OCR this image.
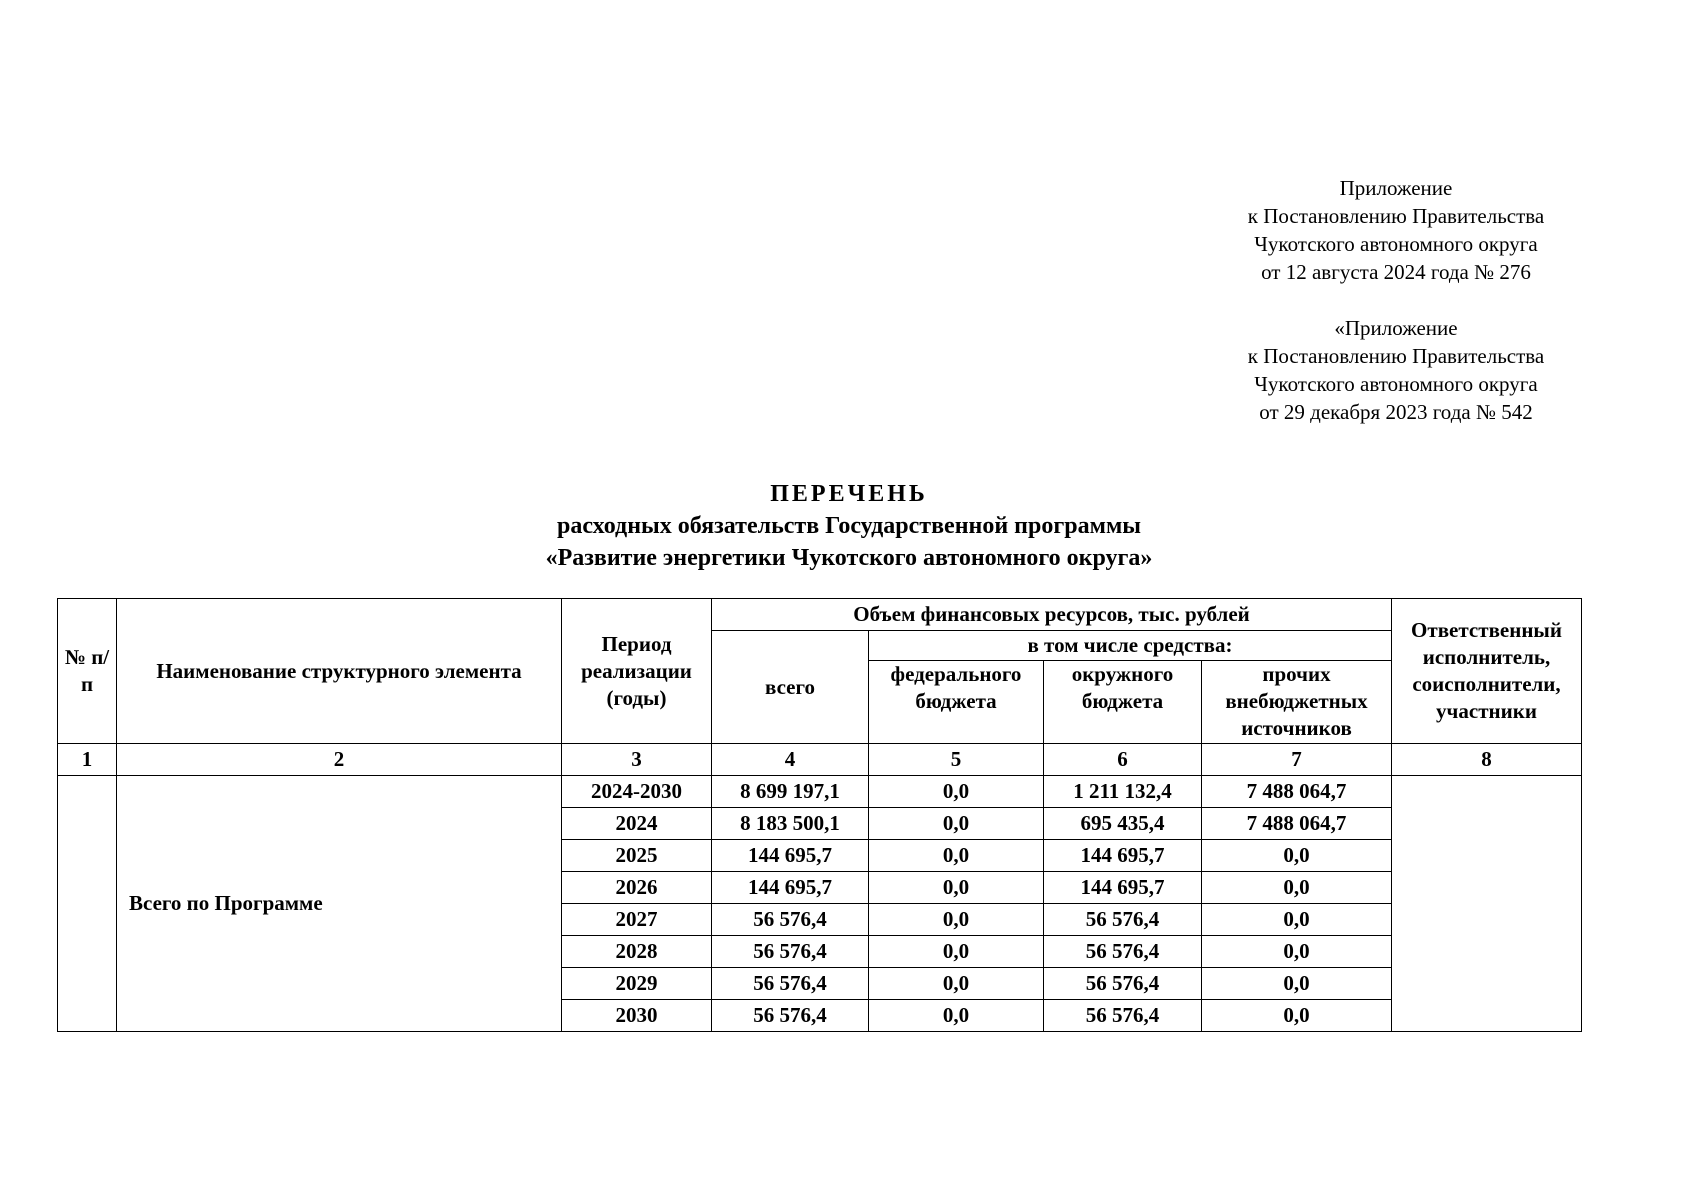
Приложение
к Постановлению Правительства
Чукотского автономного округа
от 12 августа 2024 года № 276
«Приложение
к Постановлению Правительства
Чукотского автономного округа
от 29 декабря 2023 года № 542
ПЕРЕЧЕНЬ
расходных обязательств Государственной программы
«Развитие энергетики Чукотского автономного округа»
№ п/п	Наименование структурного элемента	Период реализации (годы)	Объем финансовых ресурсов, тыс. рублей				Ответственный исполнитель, соисполнители, участники
			всего	в том числе средства:			
				федерального бюджета	окружного бюджета	прочих внебюджетных источников	
1	2	3	4	5	6	7	8
	Всего по Программе	2024-2030	8 699 197,1	0,0	1 211 132,4	7 488 064,7	
		2024	8 183 500,1	0,0	695 435,4	7 488 064,7	
		2025	144 695,7	0,0	144 695,7	0,0	
		2026	144 695,7	0,0	144 695,7	0,0	
		2027	56 576,4	0,0	56 576,4	0,0	
		2028	56 576,4	0,0	56 576,4	0,0	
		2029	56 576,4	0,0	56 576,4	0,0	
		2030	56 576,4	0,0	56 576,4	0,0	
